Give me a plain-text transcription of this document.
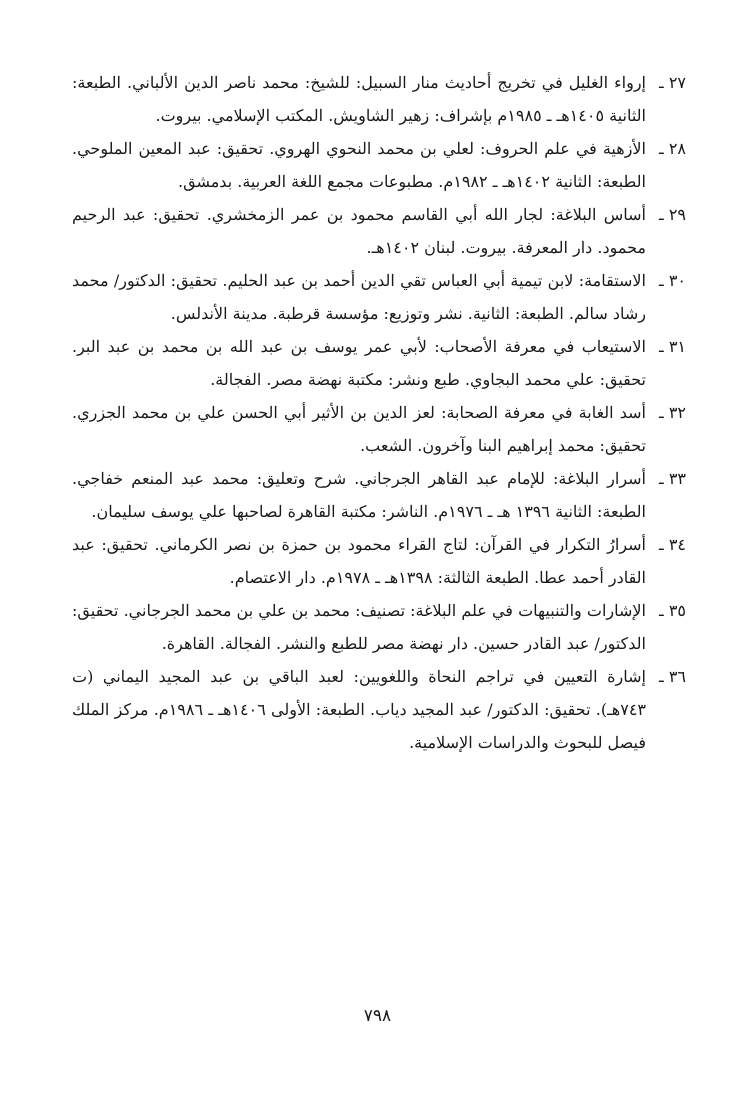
٢٧ ـ
إرواء الغليل في تخريج أحاديث منار السبيل: للشيخ: محمد ناصر الدين الألباني. الطبعة: الثانية ١٤٠٥هـ ـ ١٩٨٥م بإشراف: زهير الشاويش. المكتب الإسلامي. بيروت.

٢٨ ـ
الأزهية في علم الحروف: لعلي بن محمد النحوي الهروي. تحقيق: عبد المعين الملوحي. الطبعة: الثانية ١٤٠٢هـ ـ ١٩٨٢م. مطبوعات مجمع اللغة العربية. بدمشق.

٢٩ ـ
أساس البلاغة: لجار الله أبي القاسم محمود بن عمر الزمخشري. تحقيق: عبد الرحيم محمود. دار المعرفة. بيروت. لبنان ١٤٠٢هـ.

٣٠ ـ
الاستقامة: لابن تيمية أبي العباس تقي الدين أحمد بن عبد الحليم. تحقيق: الدكتور/ محمد رشاد سالم. الطبعة: الثانية. نشر وتوزيع: مؤسسة قرطبة. مدينة الأندلس.

٣١ ـ
الاستيعاب في معرفة الأصحاب: لأبي عمر يوسف بن عبد الله بن محمد بن عبد البر. تحقيق: علي محمد البجاوي. طبع ونشر: مكتبة نهضة مصر. الفجالة.

٣٢ ـ
أسد الغابة في معرفة الصحابة: لعز الدين بن الأثير أبي الحسن علي بن محمد الجزري. تحقيق: محمد إبراهيم البنا وآخرون. الشعب.

٣٣ ـ
أسرار البلاغة: للإمام عبد القاهر الجرجاني. شرح وتعليق: محمد عبد المنعم خفاجي. الطبعة: الثانية ١٣٩٦ هـ ـ ١٩٧٦م. الناشر: مكتبة القاهرة لصاحبها علي يوسف سليمان.

٣٤ ـ
أسرارُ التكرار في القرآن: لتاج القراء محمود بن حمزة بن نصر الكرماني. تحقيق: عبد القادر أحمد عطا. الطبعة الثالثة: ١٣٩٨هـ ـ ١٩٧٨م. دار الاعتصام.

٣٥ ـ
الإشارات والتنبيهات في علم البلاغة: تصنيف: محمد بن علي بن محمد الجرجاني. تحقيق: الدكتور/ عبد القادر حسين. دار نهضة مصر للطبع والنشر. الفجالة. القاهرة.

٣٦ ـ
إشارة التعيين في تراجم النحاة واللغويين: لعبد الباقي بن عبد المجيد اليماني (ت ٧٤٣هـ). تحقيق: الدكتور/ عبد المجيد دياب. الطبعة: الأولى ١٤٠٦هـ ـ ١٩٨٦م. مركز الملك فيصل للبحوث والدراسات الإسلامية.

٧٩٨
